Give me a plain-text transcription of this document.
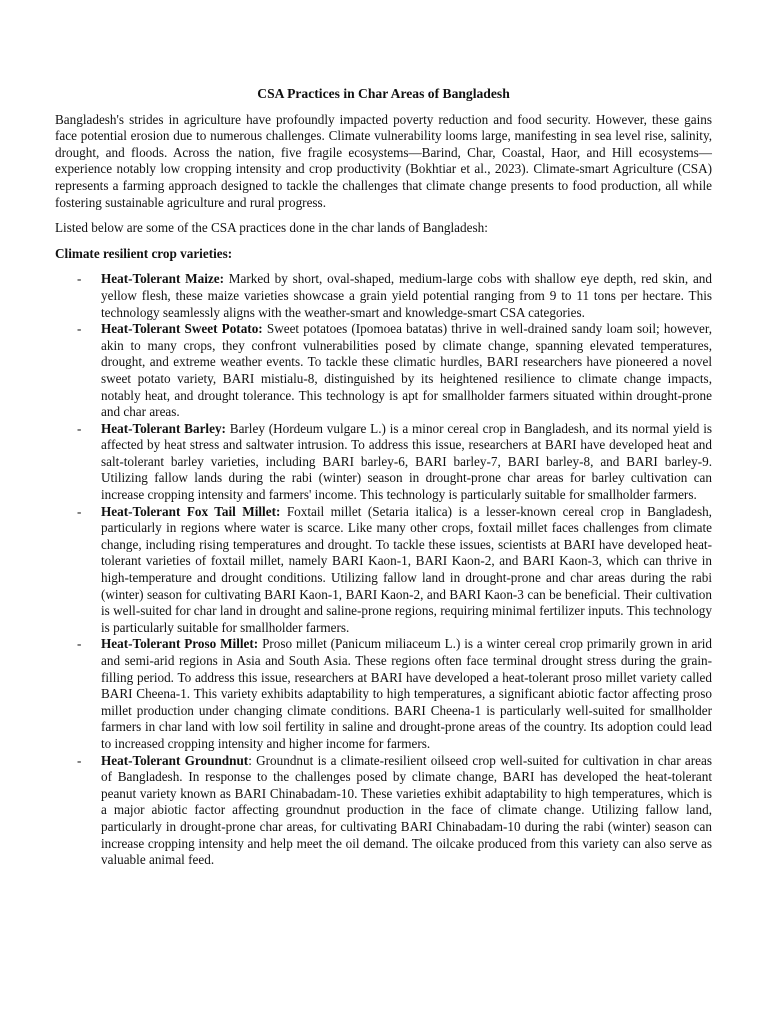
CSA Practices in Char Areas of Bangladesh

Bangladesh's strides in agriculture have profoundly impacted poverty reduction and food security. However, these gains face potential erosion due to numerous challenges. Climate vulnerability looms large, manifesting in sea level rise, salinity, drought, and floods. Across the nation, five fragile ecosystems—Barind, Char, Coastal, Haor, and Hill ecosystems—experience notably low cropping intensity and crop productivity (Bokhtiar et al., 2023). Climate-smart Agriculture (CSA) represents a farming approach designed to tackle the challenges that climate change presents to food production, all while fostering sustainable agriculture and rural progress.

Listed below are some of the CSA practices done in the char lands of Bangladesh:

Climate resilient crop varieties:
- Heat-Tolerant Maize: Marked by short, oval-shaped, medium-large cobs with shallow eye depth, red skin, and yellow flesh, these maize varieties showcase a grain yield potential ranging from 9 to 11 tons per hectare. This technology seamlessly aligns with the weather-smart and knowledge-smart CSA categories.
- Heat-Tolerant Sweet Potato: Sweet potatoes (Ipomoea batatas) thrive in well-drained sandy loam soil; however, akin to many crops, they confront vulnerabilities posed by climate change, spanning elevated temperatures, drought, and extreme weather events. To tackle these climatic hurdles, BARI researchers have pioneered a novel sweet potato variety, BARI mistialu-8, distinguished by its heightened resilience to climate change impacts, notably heat, and drought tolerance. This technology is apt for smallholder farmers situated within drought-prone and char areas.
- Heat-Tolerant Barley: Barley (Hordeum vulgare L.) is a minor cereal crop in Bangladesh, and its normal yield is affected by heat stress and saltwater intrusion. To address this issue, researchers at BARI have developed heat and salt-tolerant barley varieties, including BARI barley-6, BARI barley-7, BARI barley-8, and BARI barley-9. Utilizing fallow lands during the rabi (winter) season in drought-prone char areas for barley cultivation can increase cropping intensity and farmers' income. This technology is particularly suitable for smallholder farmers.
- Heat-Tolerant Fox Tail Millet: Foxtail millet (Setaria italica) is a lesser-known cereal crop in Bangladesh, particularly in regions where water is scarce. Like many other crops, foxtail millet faces challenges from climate change, including rising temperatures and drought. To tackle these issues, scientists at BARI have developed heat-tolerant varieties of foxtail millet, namely BARI Kaon-1, BARI Kaon-2, and BARI Kaon-3, which can thrive in high-temperature and drought conditions. Utilizing fallow land in drought-prone and char areas during the rabi (winter) season for cultivating BARI Kaon-1, BARI Kaon-2, and BARI Kaon-3 can be beneficial. Their cultivation is well-suited for char land in drought and saline-prone regions, requiring minimal fertilizer inputs. This technology is particularly suitable for smallholder farmers.
- Heat-Tolerant Proso Millet: Proso millet (Panicum miliaceum L.) is a winter cereal crop primarily grown in arid and semi-arid regions in Asia and South Asia. These regions often face terminal drought stress during the grain-filling period. To address this issue, researchers at BARI have developed a heat-tolerant proso millet variety called BARI Cheena-1. This variety exhibits adaptability to high temperatures, a significant abiotic factor affecting proso millet production under changing climate conditions. BARI Cheena-1 is particularly well-suited for smallholder farmers in char land with low soil fertility in saline and drought-prone areas of the country. Its adoption could lead to increased cropping intensity and higher income for farmers.
- Heat-Tolerant Groundnut: Groundnut is a climate-resilient oilseed crop well-suited for cultivation in char areas of Bangladesh. In response to the challenges posed by climate change, BARI has developed the heat-tolerant peanut variety known as BARI Chinabadam-10. These varieties exhibit adaptability to high temperatures, which is a major abiotic factor affecting groundnut production in the face of climate change. Utilizing fallow land, particularly in drought-prone char areas, for cultivating BARI Chinabadam-10 during the rabi (winter) season can increase cropping intensity and help meet the oil demand. The oilcake produced from this variety can also serve as valuable animal feed.
